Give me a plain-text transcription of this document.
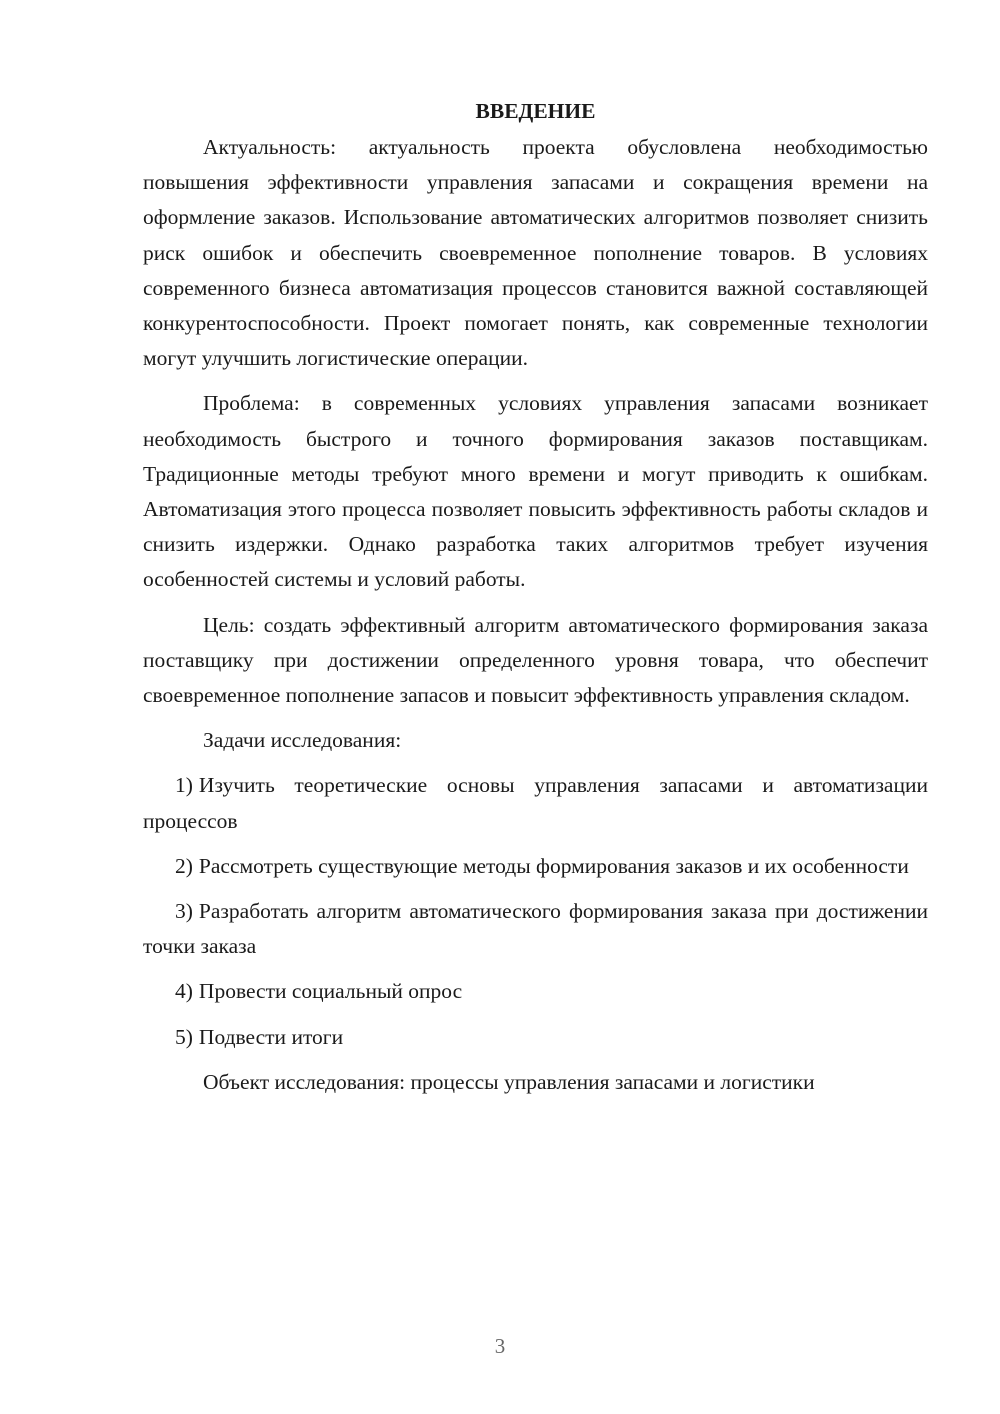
ВВЕДЕНИЕ

Актуальность: актуальность проекта обусловлена необходимостью повышения эффективности управления запасами и сокращения времени на оформление заказов. Использование автоматических алгоритмов позволяет снизить риск ошибок и обеспечить своевременное пополнение товаров. В условиях современного бизнеса автоматизация процессов становится важной составляющей конкурентоспособности. Проект помогает понять, как современные технологии могут улучшить логистические операции.

Проблема: в современных условиях управления запасами возникает необходимость быстрого и точного формирования заказов поставщикам. Традиционные методы требуют много времени и могут приводить к ошибкам. Автоматизация этого процесса позволяет повысить эффективность работы складов и снизить издержки. Однако разработка таких алгоритмов требует изучения особенностей системы и условий работы.

Цель: создать эффективный алгоритм автоматического формирования заказа поставщику при достижении определенного уровня товара, что обеспечит своевременное пополнение запасов и повысит эффективность управления складом.

Задачи исследования:

1) Изучить теоретические основы управления запасами и автоматизации процессов

2) Рассмотреть существующие методы формирования заказов и их особенности

3) Разработать алгоритм автоматического формирования заказа при достижении точки заказа

4) Провести социальный опрос

5) Подвести итоги

Объект исследования: процессы управления запасами и логистики

3
